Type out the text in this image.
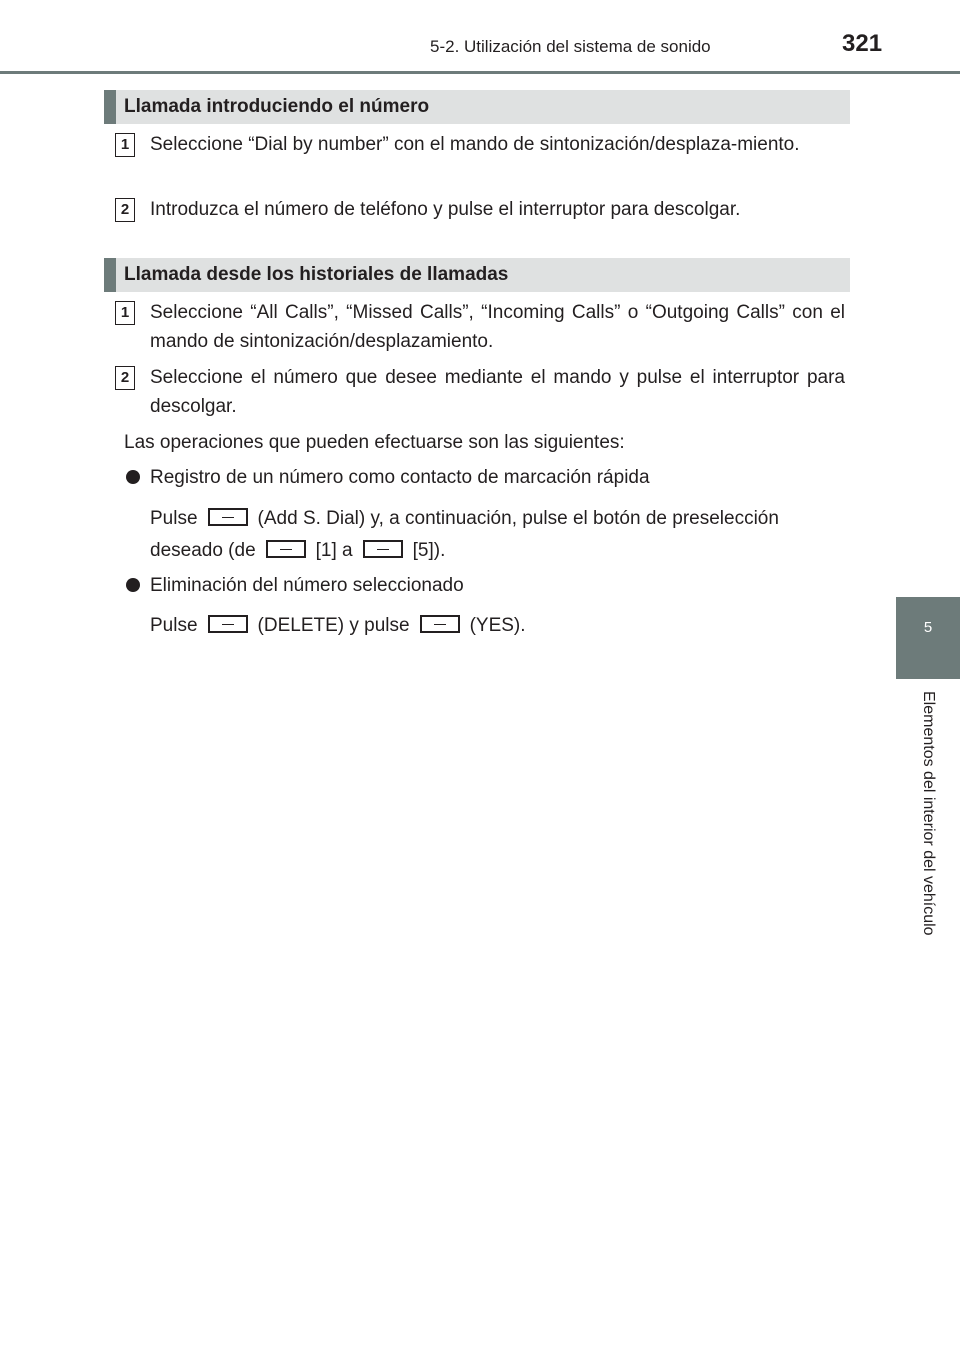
5-2. Utilización del sistema de sonido	321
5
Elementos del interior del vehículo
Llamada introduciendo el número
1	Seleccione “Dial by number” con el mando de sintonización/desplaza-miento.
2	Introduzca el número de teléfono y pulse el interruptor para descolgar.
Llamada desde los historiales de llamadas
1	Seleccione “All Calls”, “Missed Calls”, “Incoming Calls” o “Outgoing Calls” con el mando de sintonización/desplazamiento.
2	Seleccione el número que desee mediante el mando y pulse el interruptor para descolgar.
Las operaciones que pueden efectuarse son las siguientes:
Registro de un número como contacto de marcación rápida
Pulse	(Add S. Dial) y, a continuación, pulse el botón de preselección
deseado (de	[1] a	[5]).
Eliminación del número seleccionado
Pulse	(DELETE) y pulse	(YES).
